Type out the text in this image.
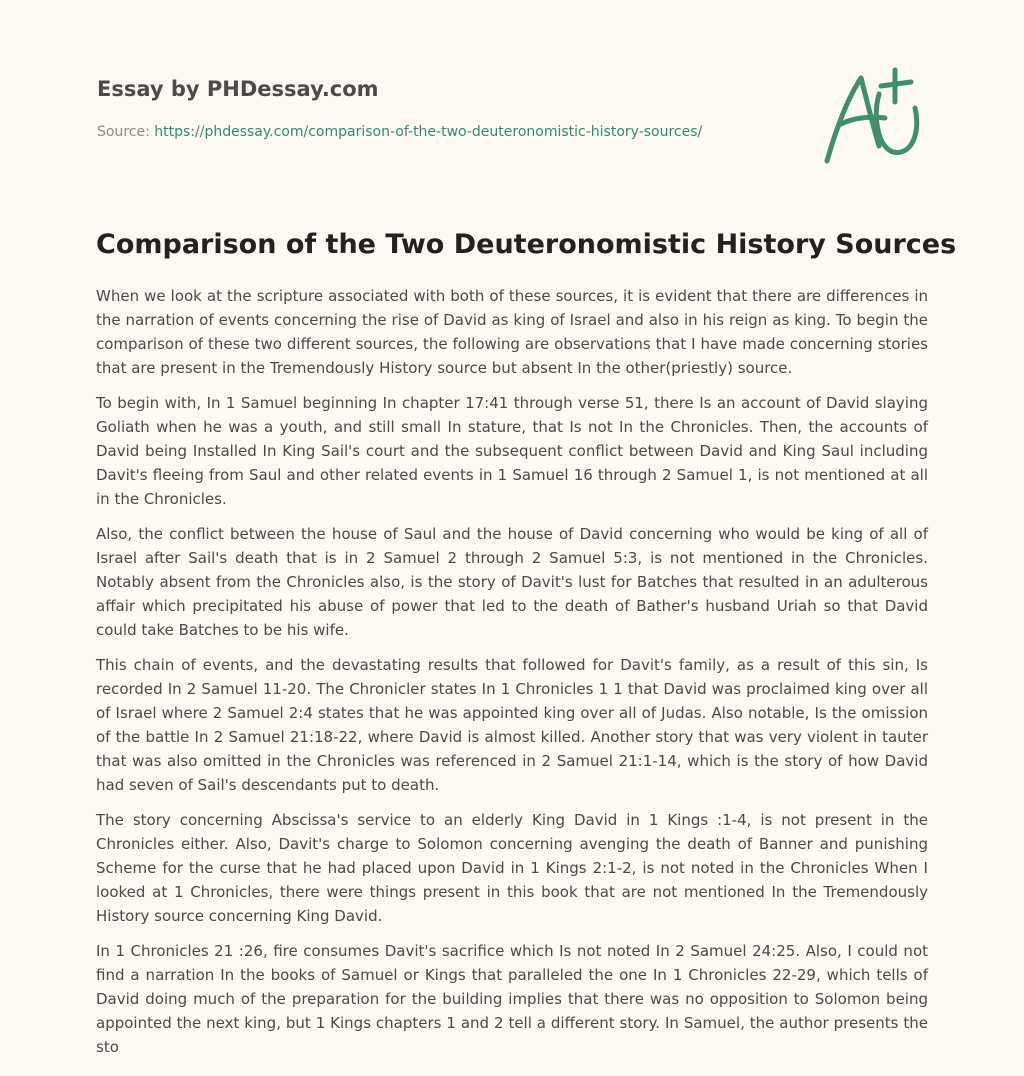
Essay by PHDessay.com
Source: https://phdessay.com/comparison-of-the-two-deuteronomistic-history-sources/
Comparison of the Two Deuteronomistic History Sources

When we look at the scripture associated with both of these sources, it is evident that there are differences in the narration of events concerning the rise of David as king of Israel and also in his reign as king. To begin the comparison of these two different sources, the following are observations that I have made concerning stories that are present in the Tremendously History source but absent In the other(priestly) source.

To begin with, In 1 Samuel beginning In chapter 17:41 through verse 51, there Is an account of David slaying Goliath when he was a youth, and still small In stature, that Is not In the Chronicles. Then, the accounts of David being Installed In King Sail's court and the subsequent conflict between David and King Saul including Davit's fleeing from Saul and other related events in 1 Samuel 16 through 2 Samuel 1, is not mentioned at all in the Chronicles.

Also, the conflict between the house of Saul and the house of David concerning who would be king of all of Israel after Sail's death that is in 2 Samuel 2 through 2 Samuel 5:3, is not mentioned in the Chronicles. Notably absent from the Chronicles also, is the story of Davit's lust for Batches that resulted in an adulterous affair which precipitated his abuse of power that led to the death of Bather's husband Uriah so that David could take Batches to be his wife.

This chain of events, and the devastating results that followed for Davit's family, as a result of this sin, Is recorded In 2 Samuel 11-20. The Chronicler states In 1 Chronicles 1 1 that David was proclaimed king over all of Israel where 2 Samuel 2:4 states that he was appointed king over all of Judas. Also notable, Is the omission of the battle In 2 Samuel 21:18-22, where David is almost killed. Another story that was very violent in tauter that was also omitted in the Chronicles was referenced in 2 Samuel 21:1-14, which is the story of how David had seven of Sail's descendants put to death.

The story concerning Abscissa's service to an elderly King David in 1 Kings :1-4, is not present in the Chronicles either. Also, Davit's charge to Solomon concerning avenging the death of Banner and punishing Scheme for the curse that he had placed upon David in 1 Kings 2:1-2, is not noted in the Chronicles When I looked at 1 Chronicles, there were things present in this book that are not mentioned In the Tremendously History source concerning King David.

In 1 Chronicles 21 :26, fire consumes Davit's sacrifice which Is not noted In 2 Samuel 24:25. Also, I could not find a narration In the books of Samuel or Kings that paralleled the one In 1 Chronicles 22-29, which tells of David doing much of the preparation for the building implies that there was no opposition to Solomon being appointed the next king, but 1 Kings chapters 1 and 2 tell a different story. In Samuel, the author presents the sto
